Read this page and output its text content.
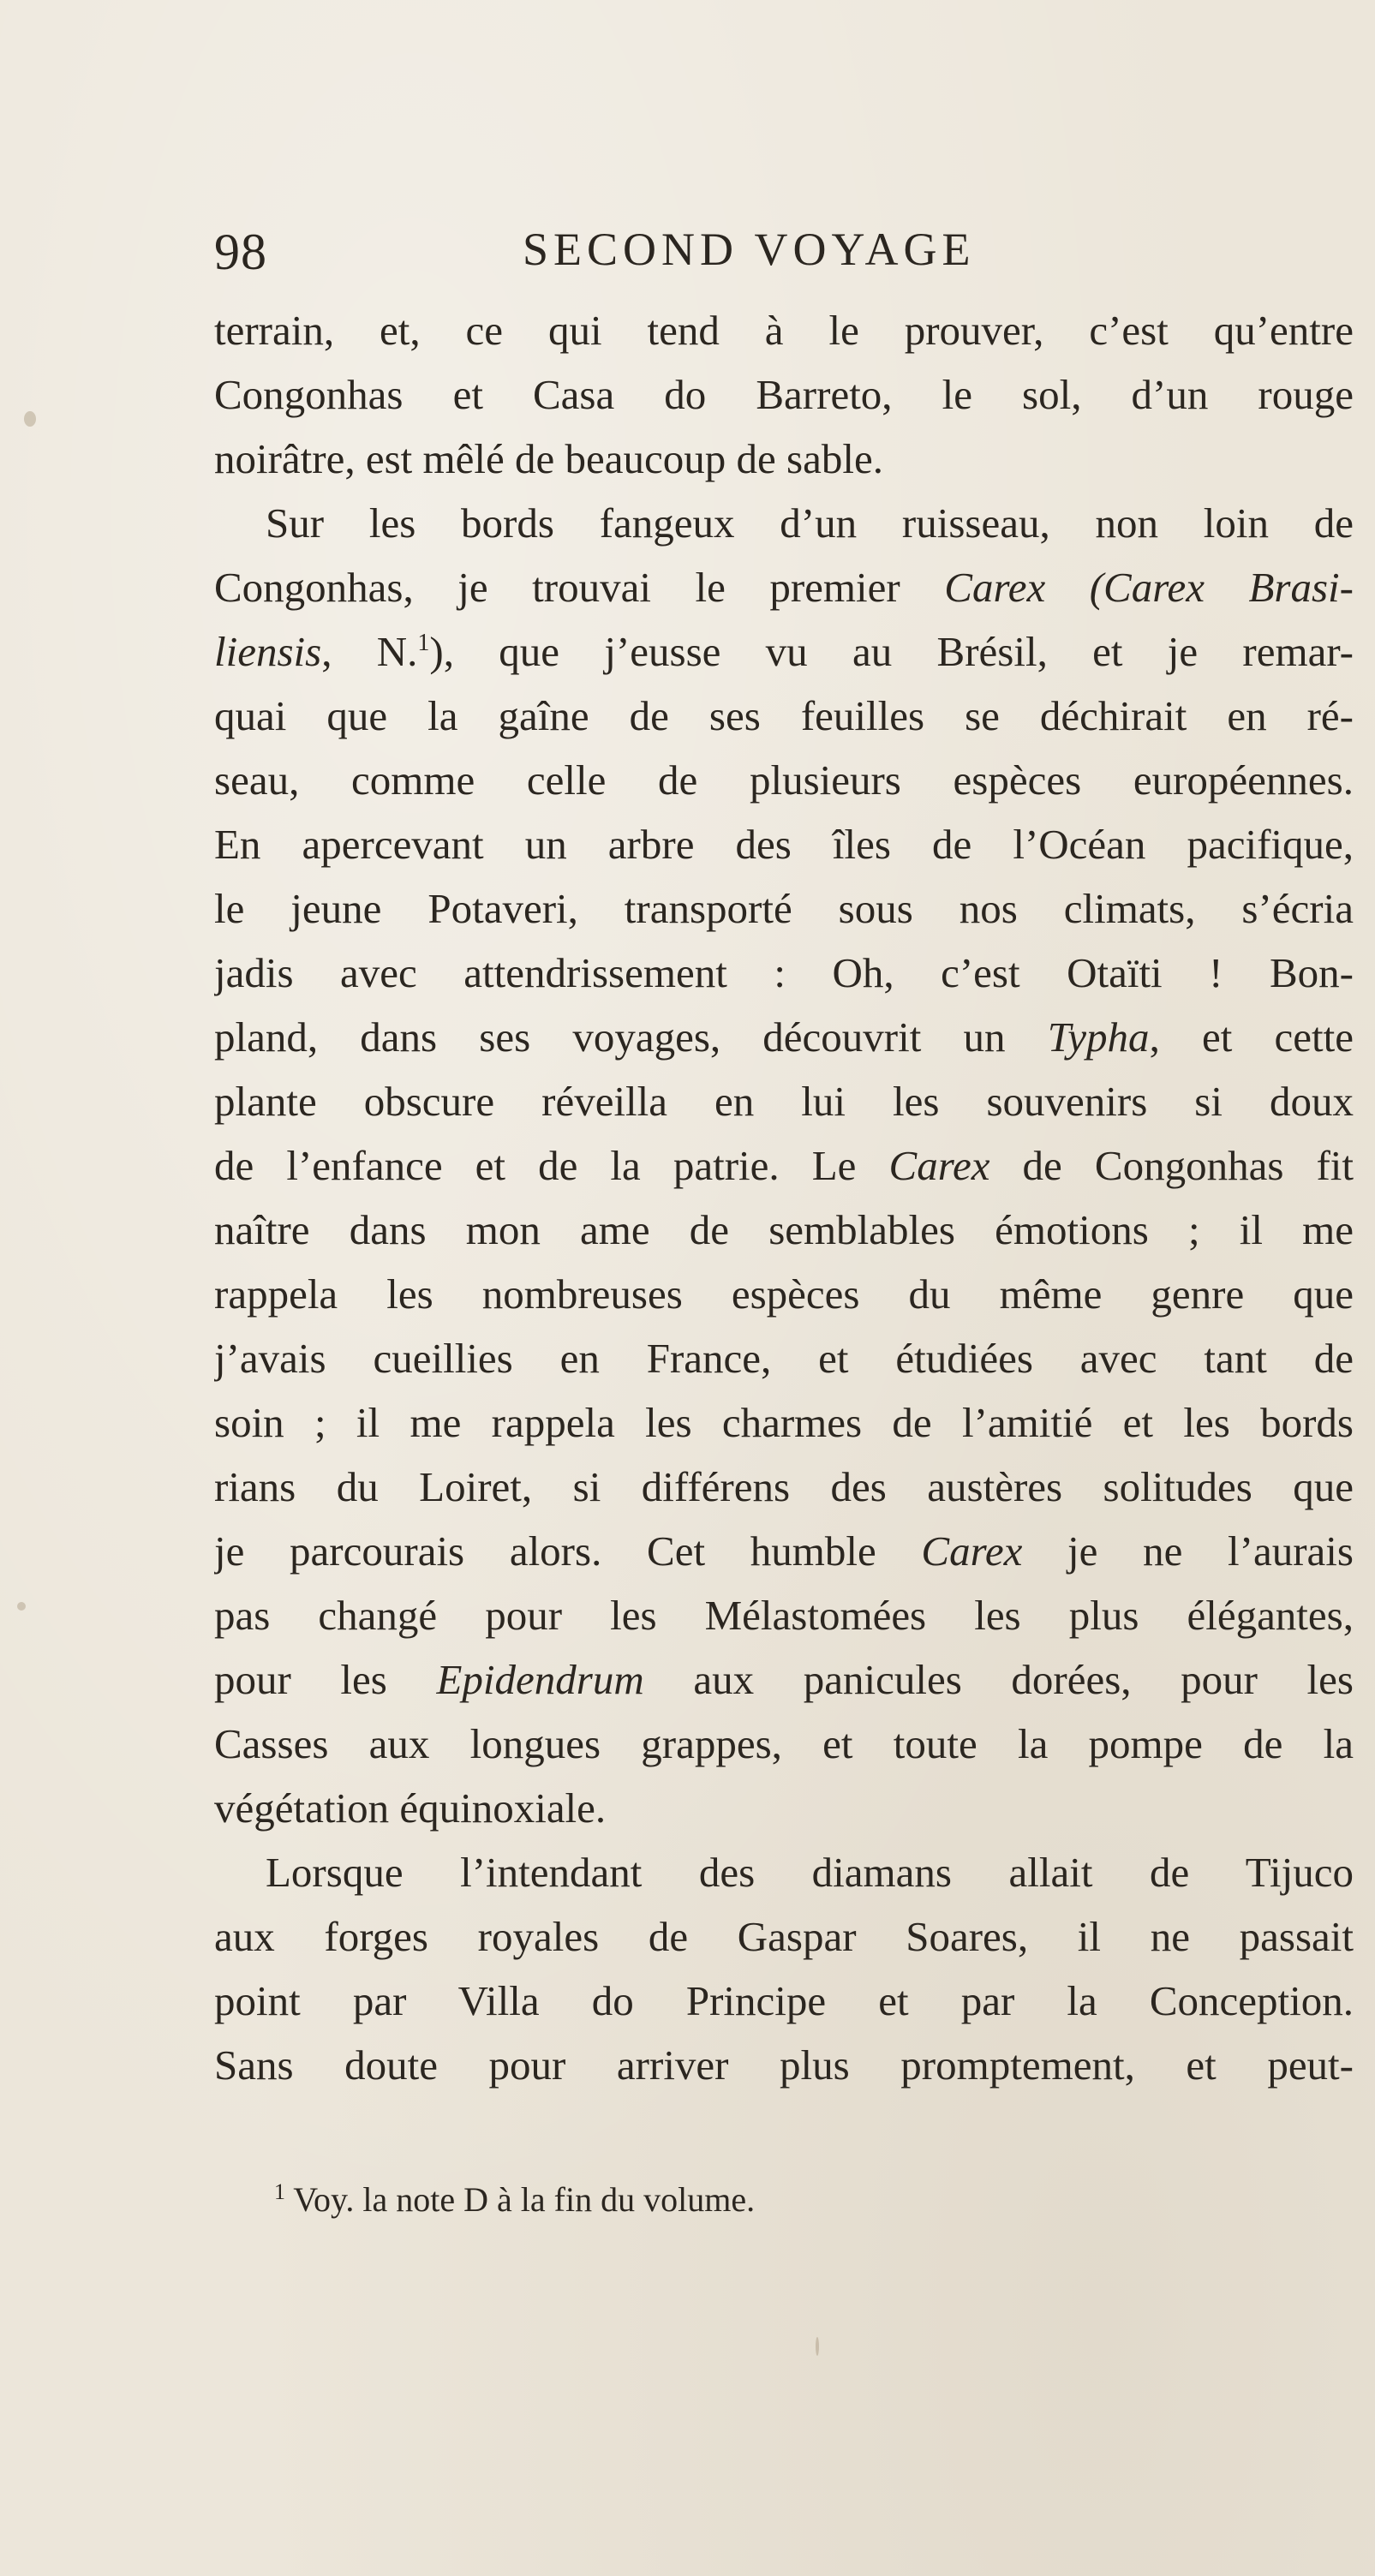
98	SECOND VOYAGE
terrain, et, ce qui tend à le prouver, c’est qu’entre
Congonhas et Casa do Barreto, le sol, d’un rouge
noirâtre, est mêlé de beaucoup de sable.
Sur les bords fangeux d’un ruisseau, non loin de
Congonhas, je trouvai le premier Carex (Carex Brasi-
liensis, N.$^1$), que j’eusse vu au Brésil, et je remar-
quai que la gaîne de ses feuilles se déchirait en ré-
seau, comme celle de plusieurs espèces européennes.
En apercevant un arbre des îles de l’Océan pacifique,
le jeune Potaveri, transporté sous nos climats, s’écria
jadis avec attendrissement : Oh, c’est Otaïti ! Bon-
pland, dans ses voyages, découvrit un Typha, et cette
plante obscure réveilla en lui les souvenirs si doux
de l’enfance et de la patrie. Le Carex de Congonhas fit
naître dans mon ame de semblables émotions ; il me
rappela les nombreuses espèces du même genre que
j’avais cueillies en France, et étudiées avec tant de
soin ; il me rappela les charmes de l’amitié et les bords
rians du Loiret, si différens des austères solitudes que
je parcourais alors. Cet humble Carex je ne l’aurais
pas changé pour les Mélastomées les plus élégantes,
pour les Epidendrum aux panicules dorées, pour les
Casses aux longues grappes, et toute la pompe de la
végétation équinoxiale.
Lorsque l’intendant des diamans allait de Tijuco
aux forges royales de Gaspar Soares, il ne passait
point par Villa do Principe et par la Conception.
Sans doute pour arriver plus promptement, et peut-
$^1$ Voy. la note D à la fin du volume.
